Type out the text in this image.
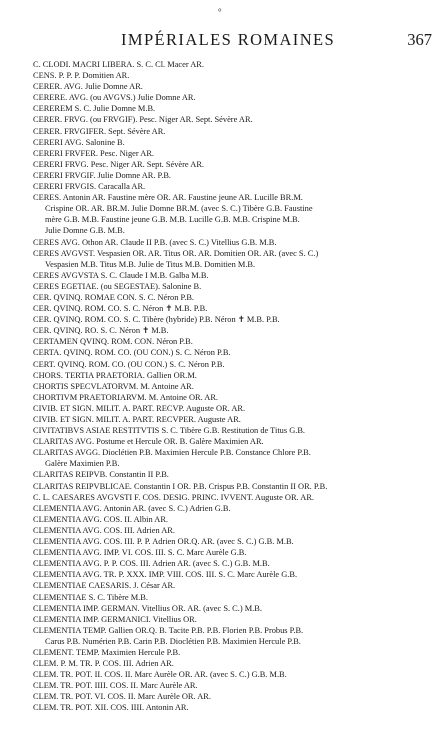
°
IMPÉRIALES ROMAINES	367
C. CLODI. MACRI LIBERA. S. C. Cl. Macer AR.
CENS. P. P. P. Domitien AR.
CERER. AVG. Julie Domne AR.
CERERE. AVG. (ou AVGVS.) Julie Domne AR.
CEREREM S. C. Julie Domne M.B.
CERER. FRVG. (ou FRVGIF). Pesc. Niger AR. Sept. Sévère AR.
CERER. FRVGIFER. Sept. Sévère AR.
CERERI AVG. Salonine B.
CERERI FRVFER. Pesc. Niger AR.
CERERI FRVG. Pesc. Niger AR. Sept. Sévère AR.
CERERI FRVGIF. Julie Domne AR. P.B.
CERERI FRVGIS. Caracalla AR.
CERES. Antonin AR. Faustine mère OR. AR. Faustine jeune AR. Lucille BR.M.
Crispine OR. AR. BR.M. Julie Domne BR.M. (avec S. C.) Tibère G.B. Faustine
mère G.B. M.B. Faustine jeune G.B. M.B. Lucille G.B. M.B. Crispine M.B.
Julie Domne G.B. M.B.
CERES AVG. Othon AR. Claude II P.B. (avec S. C.) Vitellius G.B. M.B.
CERES AVGVST. Vespasien OR. AR. Titus OR. AR. Domitien OR. AR. (avec S. C.)
Vespasien M.B. Titus M.B. Julie de Titus M.B. Domitien M.B.
CERES AVGVSTA S. C. Claude I M.B. Galba M.B.
CERES EGETIAE. (ou SEGESTAE). Salonine B.
CER. QVINQ. ROMAE CON. S. C. Néron P.B.
CER. QVINQ. ROM. CO. S. C. Néron ✝ M.B. P.B.
CER. QVINQ. ROM. CO. S. C. Tibère (hybride) P.B. Néron ✝ M.B. P.B.
CER. QVINQ. RO. S. C. Néron ✝ M.B.
CERTAMEN QVINQ. ROM. CON. Néron P.B.
CERTA. QVINQ. ROM. CO. (OU CON.) S. C. Néron P.B.
CERT. QVINQ. ROM. CO. (OU CON.) S. C. Néron P.B.
CHORS. TERTIA PRAETORIA. Gallien OR.M.
CHORTIS SPECVLATORVM. M. Antoine AR.
CHORTIVM PRAETORIARVM. M. Antoine OR. AR.
CIVIB. ET SIGN. MILIT. A. PART. RECVP. Auguste OR. AR.
CIVIB. ET SIGN. MILIT. A. PART. RECVPER. Auguste AR.
CIVITATIBVS ASIAE RESTITVTIS S. C. Tibère G.B. Restitution de Titus G.B.
CLARITAS AVG. Postume et Hercule OR. B. Galère Maximien AR.
CLARITAS AVGG. Dioclétien P.B. Maximien Hercule P.B. Constance Chlore P.B.
Galère Maximien P.B.
CLARITAS REIPVB. Constantin II P.B.
CLARITAS REIPVBLICAE. Constantin I OR. P.B. Crispus P.B. Constantin II OR. P.B.
C. L. CAESARES AVGVSTI F. COS. DESIG. PRINC. IVVENT. Auguste OR. AR.
CLEMENTIA AVG. Antonin AR. (avec S. C.) Adrien G.B.
CLEMENTIA AVG. COS. II. Albin AR.
CLEMENTIA AVG. COS. III. Adrien AR.
CLEMENTIA AVG. COS. III. P. P. Adrien OR.Q. AR. (avec S. C.) G.B. M.B.
CLEMENTIA AVG. IMP. VI. COS. III. S. C. Marc Aurèle G.B.
CLEMENTIA AVG. P. P. COS. III. Adrien AR. (avec S. C.) G.B. M.B.
CLEMENTIA AVG. TR. P. XXX. IMP. VIII. COS. III. S. C. Marc Aurèle G.B.
CLEMENTIAE CAESARIS. J. César AR.
CLEMENTIAE S. C. Tibère M.B.
CLEMENTIA IMP. GERMAN. Vitellius OR. AR. (avec S. C.) M.B.
CLEMENTIA IMP. GERMANICI. Vitellius OR.
CLEMENTIA TEMP. Gallien OR.Q. B. Tacite P.B. P.B. Florien P.B. Probus P.B.
Carus P.B. Numérien P.B. Carin P.B. Dioclétien P.B. Maximien Hercule P.B.
CLEMENT. TEMP. Maximien Hercule P.B.
CLEM. P. M. TR. P. COS. III. Adrien AR.
CLEM. TR. POT. II. COS. II. Marc Aurèle OR. AR. (avec S. C.) G.B. M.B.
CLEM. TR. POT. IIII. COS. II. Marc Aurèle AR.
CLEM. TR. POT. VI. COS. II. Marc Aurèle OR. AR.
CLEM. TR. POT. XII. COS. IIII. Antonin AR.
